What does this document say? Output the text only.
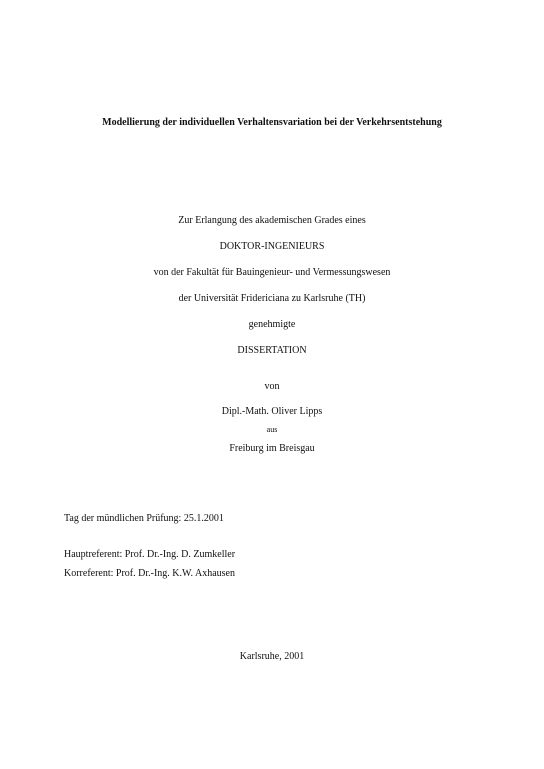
Modellierung der individuellen Verhaltensvariation bei der Verkehrsentstehung
Zur Erlangung des akademischen Grades eines
DOKTOR-INGENIEURS
von der Fakultät für Bauingenieur- und Vermessungswesen
der Universität Fridericiana zu Karlsruhe (TH)
genehmigte
DISSERTATION
von
Dipl.-Math. Oliver Lipps
aus
Freiburg im Breisgau
Tag der mündlichen Prüfung: 25.1.2001
Hauptreferent: Prof. Dr.-Ing. D. Zumkeller
Korreferent: Prof. Dr.-Ing. K.W. Axhausen
Karlsruhe, 2001
